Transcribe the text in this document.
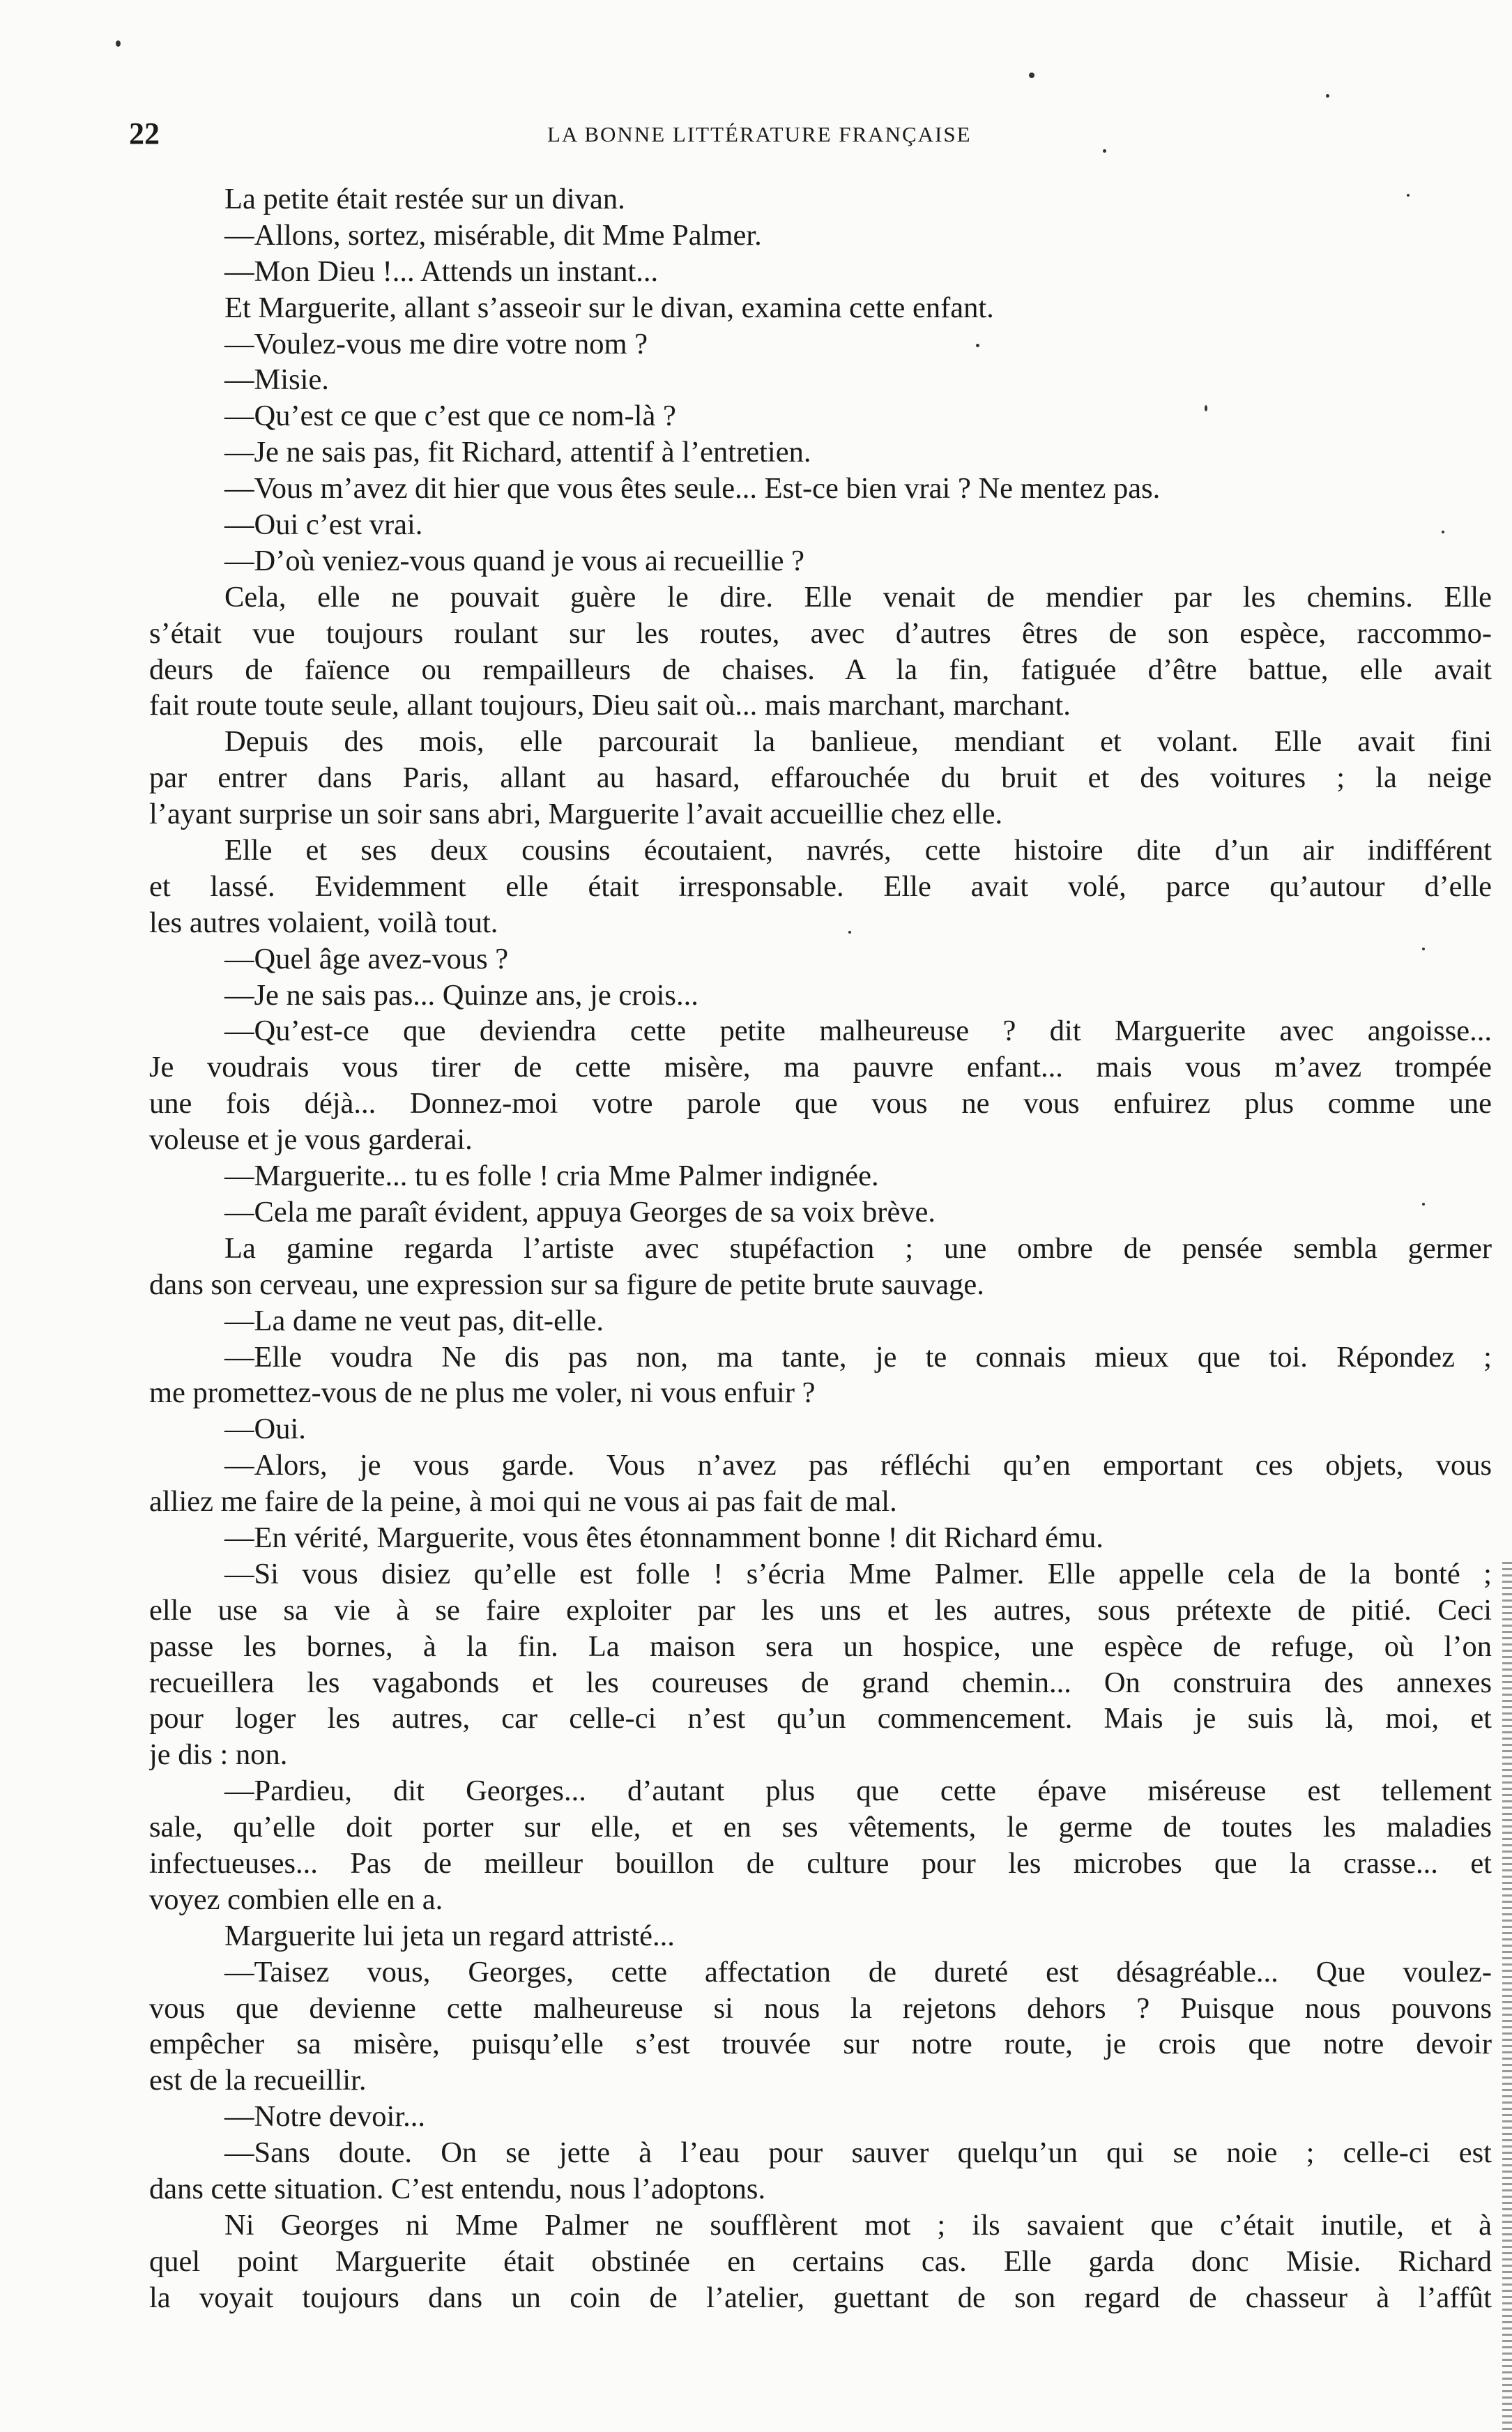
22	LA BONNE LITTÉRATURE FRANÇAISE
La petite était restée sur un divan.
—Allons, sortez, misérable, dit Mme Palmer.
—Mon Dieu !... Attends un instant...
Et Marguerite, allant s’asseoir sur le divan, examina cette enfant.
—Voulez-vous me dire votre nom ?
—Misie.
—Qu’est ce que c’est que ce nom-là ?
—Je ne sais pas, fit Richard, attentif à l’entretien.
—Vous m’avez dit hier que vous êtes seule... Est-ce bien vrai ? Ne mentez pas.
—Oui c’est vrai.
—D’où veniez-vous quand je vous ai recueillie ?
Cela, elle ne pouvait guère le dire. Elle venait de mendier par les chemins. Elle
s’était vue toujours roulant sur les routes, avec d’autres êtres de son espèce, raccommo-
deurs de faïence ou rempailleurs de chaises. A la fin, fatiguée d’être battue, elle avait
fait route toute seule, allant toujours, Dieu sait où... mais marchant, marchant.
Depuis des mois, elle parcourait la banlieue, mendiant et volant. Elle avait fini
par entrer dans Paris, allant au hasard, effarouchée du bruit et des voitures ; la neige
l’ayant surprise un soir sans abri, Marguerite l’avait accueillie chez elle.
Elle et ses deux cousins écoutaient, navrés, cette histoire dite d’un air indifférent
et lassé. Evidemment elle était irresponsable. Elle avait volé, parce qu’autour d’elle
les autres volaient, voilà tout.
—Quel âge avez-vous ?
—Je ne sais pas... Quinze ans, je crois...
—Qu’est-ce que deviendra cette petite malheureuse ? dit Marguerite avec angoisse...
Je voudrais vous tirer de cette misère, ma pauvre enfant... mais vous m’avez trompée
une fois déjà... Donnez-moi votre parole que vous ne vous enfuirez plus comme une
voleuse et je vous garderai.
—Marguerite... tu es folle ! cria Mme Palmer indignée.
—Cela me paraît évident, appuya Georges de sa voix brève.
La gamine regarda l’artiste avec stupéfaction ; une ombre de pensée sembla germer
dans son cerveau, une expression sur sa figure de petite brute sauvage.
—La dame ne veut pas, dit-elle.
—Elle voudra Ne dis pas non, ma tante, je te connais mieux que toi. Répondez ;
me promettez-vous de ne plus me voler, ni vous enfuir ?
—Oui.
—Alors, je vous garde. Vous n’avez pas réfléchi qu’en emportant ces objets, vous
alliez me faire de la peine, à moi qui ne vous ai pas fait de mal.
—En vérité, Marguerite, vous êtes étonnamment bonne ! dit Richard ému.
—Si vous disiez qu’elle est folle ! s’écria Mme Palmer. Elle appelle cela de la bonté ;
elle use sa vie à se faire exploiter par les uns et les autres, sous prétexte de pitié. Ceci
passe les bornes, à la fin. La maison sera un hospice, une espèce de refuge, où l’on
recueillera les vagabonds et les coureuses de grand chemin... On construira des annexes
pour loger les autres, car celle-ci n’est qu’un commencement. Mais je suis là, moi, et
je dis : non.
—Pardieu, dit Georges... d’autant plus que cette épave miséreuse est tellement
sale, qu’elle doit porter sur elle, et en ses vêtements, le germe de toutes les maladies
infectueuses... Pas de meilleur bouillon de culture pour les microbes que la crasse... et
voyez combien elle en a.
Marguerite lui jeta un regard attristé...
—Taisez vous, Georges, cette affectation de dureté est désagréable... Que voulez-
vous que devienne cette malheureuse si nous la rejetons dehors ? Puisque nous pouvons
empêcher sa misère, puisqu’elle s’est trouvée sur notre route, je crois que notre devoir
est de la recueillir.
—Notre devoir...
—Sans doute. On se jette à l’eau pour sauver quelqu’un qui se noie ; celle-ci est
dans cette situation. C’est entendu, nous l’adoptons.
Ni Georges ni Mme Palmer ne soufflèrent mot ; ils savaient que c’était inutile, et à
quel point Marguerite était obstinée en certains cas. Elle garda donc Misie. Richard
la voyait toujours dans un coin de l’atelier, guettant de son regard de chasseur à l’affût
